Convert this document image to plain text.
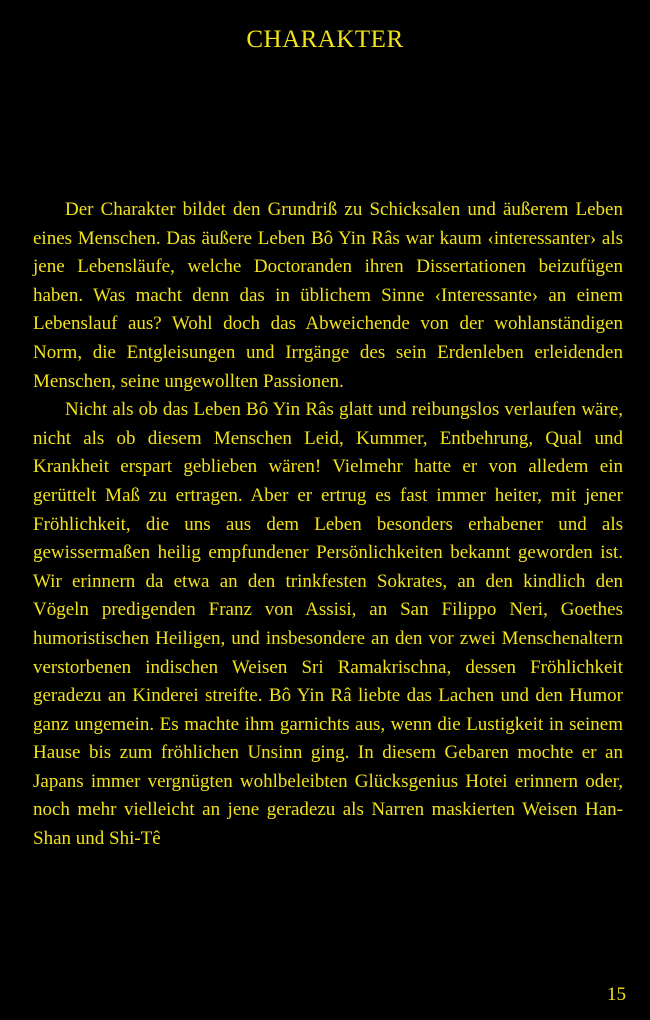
CHARAKTER

Der Charakter bildet den Grundriß zu Schicksalen und äußerem Leben eines Menschen. Das äußere Leben Bô Yin Râs war kaum ‹interessanter› als jene Lebensläufe, welche Doctoranden ihren Dissertationen beizufügen haben. Was macht denn das in üblichem Sinne ‹Interessante› an einem Lebenslauf aus? Wohl doch das Abweichende von der wohlanständigen Norm, die Entgleisungen und Irrgänge des sein Erdenleben erleidenden Menschen, seine ungewollten Passionen.

Nicht als ob das Leben Bô Yin Râs glatt und reibungslos verlaufen wäre, nicht als ob diesem Menschen Leid, Kummer, Entbehrung, Qual und Krankheit erspart geblieben wären! Vielmehr hatte er von alledem ein gerüttelt Maß zu ertragen. Aber er ertrug es fast immer heiter, mit jener Fröhlichkeit, die uns aus dem Leben besonders erhabener und als gewissermaßen heilig empfundener Persönlichkeiten bekannt geworden ist. Wir erinnern da etwa an den trinkfesten Sokrates, an den kindlich den Vögeln predigenden Franz von Assisi, an San Filippo Neri, Goethes humoristischen Heiligen, und insbesondere an den vor zwei Menschenaltern verstorbenen indischen Weisen Sri Ramakrischna, dessen Fröhlichkeit geradezu an Kinderei streifte. Bô Yin Râ liebte das Lachen und den Humor ganz ungemein. Es machte ihm garnichts aus, wenn die Lustigkeit in seinem Hause bis zum fröhlichen Unsinn ging. In diesem Gebaren mochte er an Japans immer vergnügten wohlbeleibten Glücksgenius Hotei erinnern oder, noch mehr vielleicht an jene geradezu als Narren maskierten Weisen Han-Shan und Shi-Tê

15
